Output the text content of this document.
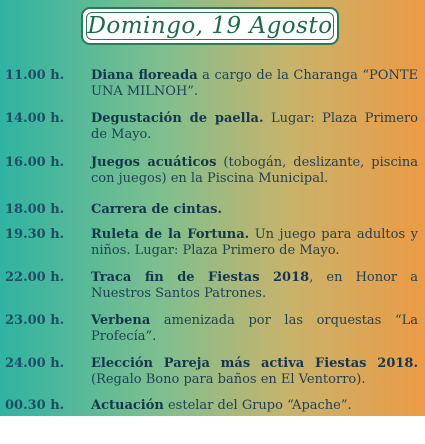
Domingo, 19 Agosto
11.00 h. Diana floreada a cargo de la Charanga “PONTE UNA MILNOH”.
14.00 h. Degustación de paella. Lugar: Plaza Primero de Mayo.
16.00 h. Juegos acuáticos (tobogán, deslizante, piscina con juegos) en la Piscina Municipal.
18.00 h. Carrera de cintas.
19.30 h. Ruleta de la Fortuna. Un juego para adultos y niños. Lugar: Plaza Primero de Mayo.
22.00 h. Traca fin de Fiestas 2018, en Honor a Nuestros Santos Patrones.
23.00 h. Verbena amenizada por las orquestas “La Profecía”.
24.00 h. Elección Pareja más activa Fiestas 2018. (Regalo Bono para baños en El Ventorro).
00.30 h. Actuación estelar del Grupo “Apache”.
